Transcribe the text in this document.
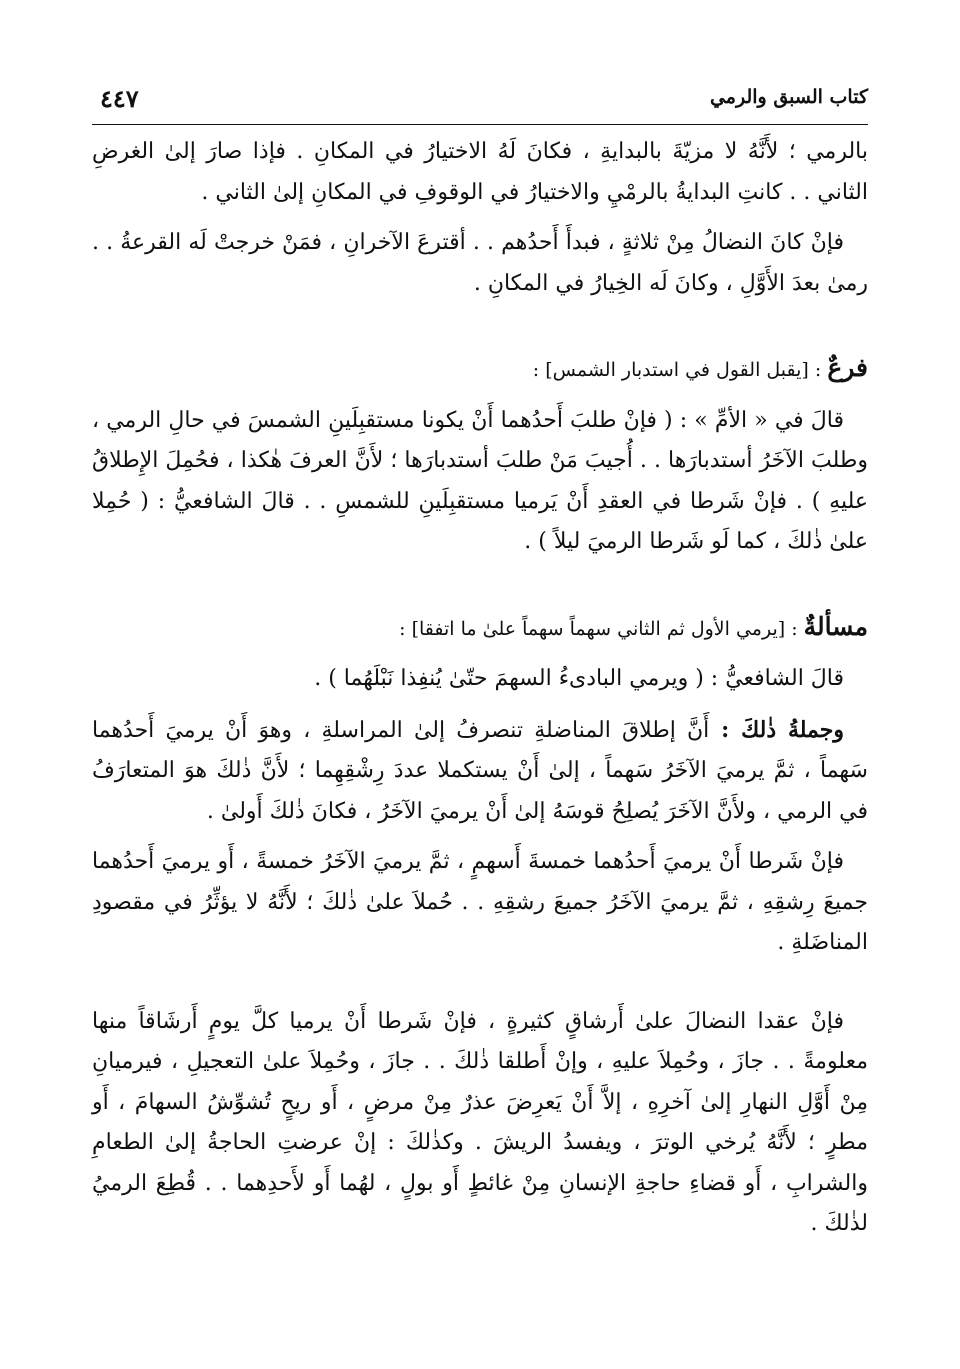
كتاب السبق والرمي
٤٤٧

بالرمي ؛ لأَنَّهُ لا مزيّةَ بالبدايةِ ، فكانَ لَهُ الاختيارُ في المكانِ . فإذا صارَ إلىٰ الغرضِ الثاني . . كانتِ البدايةُ بالرمْيِ والاختيارُ في الوقوفِ في المكانِ إلىٰ الثاني .

فإنْ كانَ النضالُ مِنْ ثلاثةٍ ، فبدأَ أَحدُهم . . أقترعَ الآخرانِ ، فمَنْ خرجتْ لَه القرعةُ . . رمىٰ بعدَ الأَوَّلِ ، وكانَ لَه الخِيارُ في المكانِ .

فرعٌ : [يقبل القول في استدبار الشمس] :

قالَ في « الأمِّ » : ( فإنْ طلبَ أَحدُهما أَنْ يكونا مستقبِلَينِ الشمسَ في حالِ الرمي ، وطلبَ الآخَرُ أستدبارَها . . أُجيبَ مَنْ طلبَ أستدبارَها ؛ لأَنَّ العرفَ هٰكذا ، فحُمِلَ الإِطلاقُ عليهِ ) . فإنْ شَرطا في العقدِ أَنْ يَرميا مستقبِلَينِ للشمسِ . . قالَ الشافعيُّ : ( حُمِلا علىٰ ذٰلكَ ، كما لَو شَرطا الرميَ ليلاً ) .

مسألةٌ : [يرمي الأول ثم الثاني سهماً سهماً علىٰ ما اتفقا] :

قالَ الشافعيُّ : ( ويرمي البادىءُ السهمَ حتّىٰ يُنفِذا نَبْلَهُما ) .

وجملةُ ذٰلكَ : أَنَّ إطلاقَ المناضلةِ تنصرفُ إلىٰ المراسلةِ ، وهوَ أَنْ يرميَ أَحدُهما سَهماً ، ثمَّ يرميَ الآخَرُ سَهماً ، إلىٰ أَنْ يستكملا عددَ رِشْقِهِما ؛ لأَنَّ ذٰلكَ هوَ المتعارَفُ في الرمي ، ولأَنَّ الآخَرَ يُصلِحُ قوسَهُ إلىٰ أَنْ يرميَ الآخَرُ ، فكانَ ذٰلكَ أَولىٰ .

فإنْ شَرطا أَنْ يرميَ أَحدُهما خمسةَ أَسهمٍ ، ثمَّ يرميَ الآخَرُ خمسةً ، أَو يرميَ أَحدُهما جميعَ رِشقِهِ ، ثمَّ يرميَ الآخَرُ جميعَ رشقِهِ . . حُملاَ علىٰ ذٰلكَ ؛ لأَنَّهُ لا يؤثِّرُ في مقصودِ المناضَلةِ .

فإنْ عقدا النضالَ علىٰ أَرشاقٍ كثيرةٍ ، فإنْ شَرطا أَنْ يرميا كلَّ يومٍ أَرشَاقاً منها معلومةً . . جازَ ، وحُمِلاَ عليهِ ، وإنْ أَطلقا ذٰلكَ . . جازَ ، وحُمِلاَ علىٰ التعجيلِ ، فيرميانِ مِنْ أَوَّلِ النهارِ إلىٰ آخرِهِ ، إلاَّ أَنْ يَعرِضَ عذرٌ مِنْ مرضٍ ، أَو ريحٍ تُشوِّشُ السهامَ ، أَو مطرٍ ؛ لأَنَّهُ يُرخي الوترَ ، ويفسدُ الريشَ . وكذٰلكَ : إنْ عرضتِ الحاجةُ إلىٰ الطعامِ والشرابِ ، أَو قضاءِ حاجةِ الإنسانِ مِنْ غائطٍ أَو بولٍ ، لهُما أَو لأَحدِهما . . قُطِعَ الرميُ لذٰلكَ .
